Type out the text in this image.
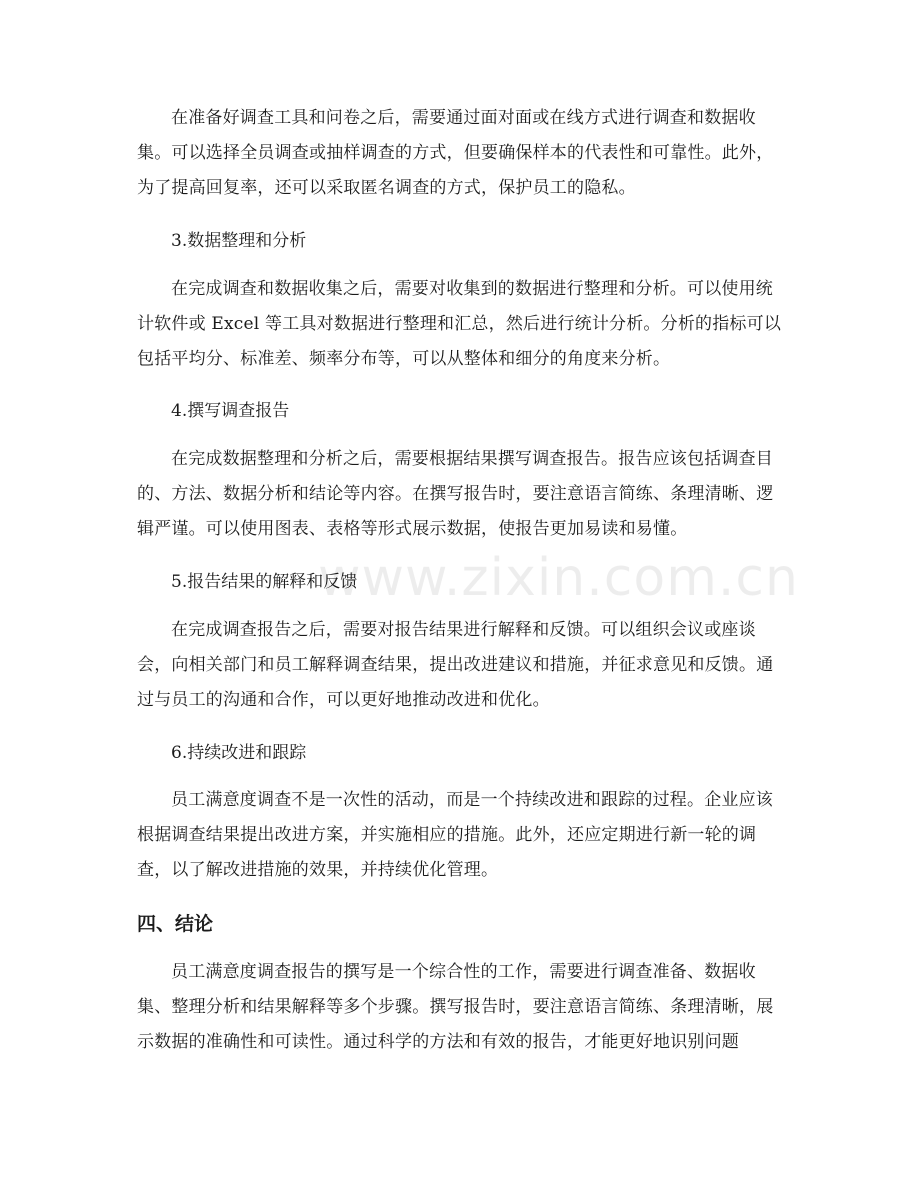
在准备好调查工具和问卷之后，需要通过面对面或在线方式进行调查和数据收集。可以选择全员调查或抽样调查的方式，但要确保样本的代表性和可靠性。此外，为了提高回复率，还可以采取匿名调查的方式，保护员工的隐私。

3.数据整理和分析

在完成调查和数据收集之后，需要对收集到的数据进行整理和分析。可以使用统计软件或 Excel 等工具对数据进行整理和汇总，然后进行统计分析。分析的指标可以包括平均分、标准差、频率分布等，可以从整体和细分的角度来分析。

4.撰写调查报告

在完成数据整理和分析之后，需要根据结果撰写调查报告。报告应该包括调查目的、方法、数据分析和结论等内容。在撰写报告时，要注意语言简练、条理清晰、逻辑严谨。可以使用图表、表格等形式展示数据，使报告更加易读和易懂。

5.报告结果的解释和反馈

在完成调查报告之后，需要对报告结果进行解释和反馈。可以组织会议或座谈会，向相关部门和员工解释调查结果，提出改进建议和措施，并征求意见和反馈。通过与员工的沟通和合作，可以更好地推动改进和优化。

6.持续改进和跟踪

员工满意度调查不是一次性的活动，而是一个持续改进和跟踪的过程。企业应该根据调查结果提出改进方案，并实施相应的措施。此外，还应定期进行新一轮的调查，以了解改进措施的效果，并持续优化管理。

四、结论

员工满意度调查报告的撰写是一个综合性的工作，需要进行调查准备、数据收集、整理分析和结果解释等多个步骤。撰写报告时，要注意语言简练、条理清晰，展示数据的准确性和可读性。通过科学的方法和有效的报告，才能更好地识别问题

www.zixin.com.cn
